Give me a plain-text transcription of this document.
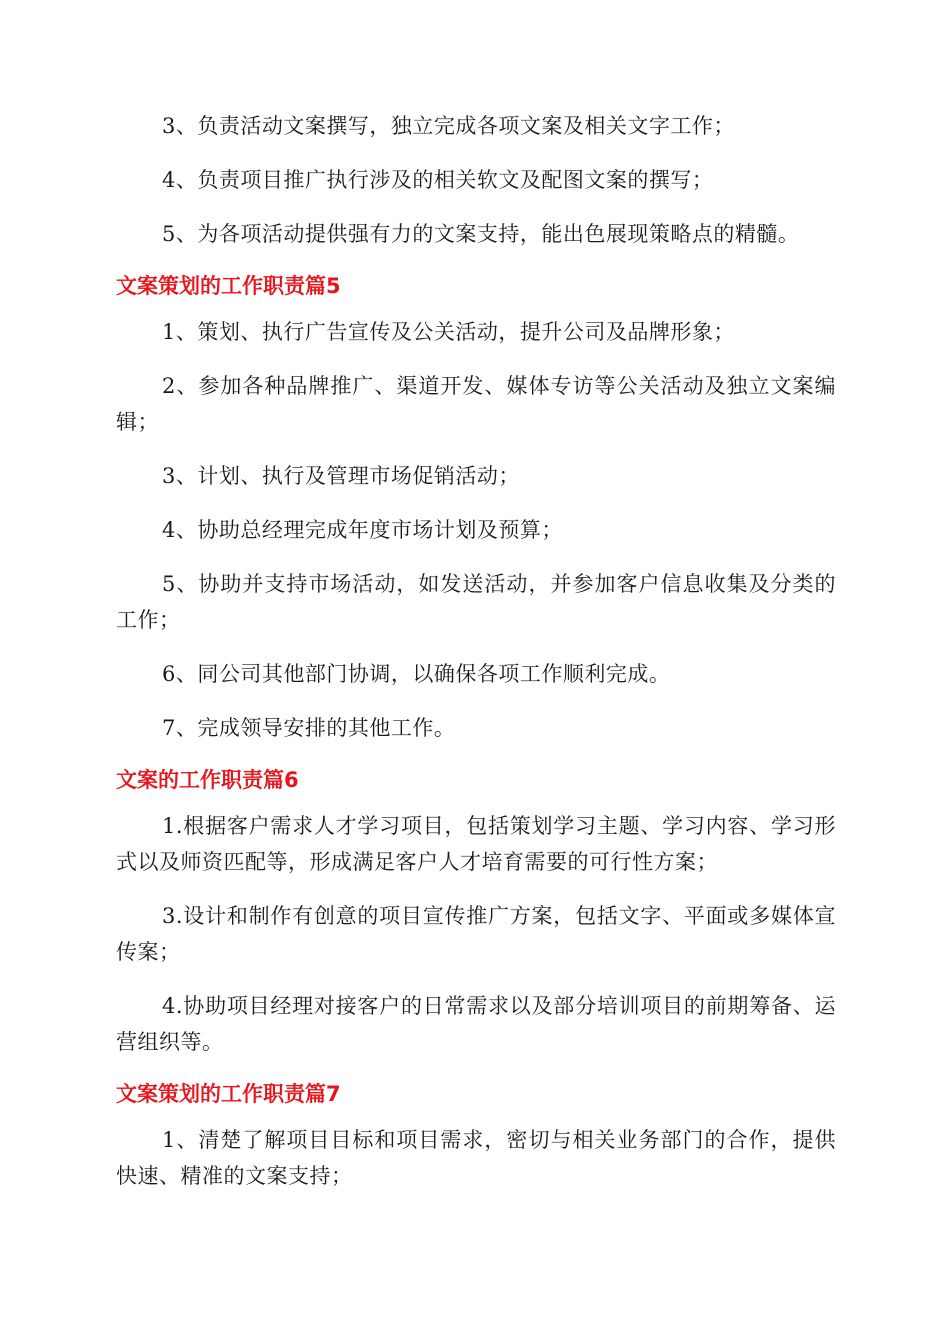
3、负责活动文案撰写，独立完成各项文案及相关文字工作；

4、负责项目推广执行涉及的相关软文及配图文案的撰写；

5、为各项活动提供强有力的文案支持，能出色展现策略点的精髓。

文案策划的工作职责篇5

1、策划、执行广告宣传及公关活动，提升公司及品牌形象；

2、参加各种品牌推广、渠道开发、媒体专访等公关活动及独立文案编辑；

3、计划、执行及管理市场促销活动；

4、协助总经理完成年度市场计划及预算；

5、协助并支持市场活动，如发送活动，并参加客户信息收集及分类的工作；

6、同公司其他部门协调，以确保各项工作顺利完成。

7、完成领导安排的其他工作。

文案的工作职责篇6

1.根据客户需求人才学习项目，包括策划学习主题、学习内容、学习形式以及师资匹配等，形成满足客户人才培育需要的可行性方案；

3.设计和制作有创意的项目宣传推广方案，包括文字、平面或多媒体宣传案；

4.协助项目经理对接客户的日常需求以及部分培训项目的前期筹备、运营组织等。

文案策划的工作职责篇7

1、清楚了解项目目标和项目需求，密切与相关业务部门的合作，提供快速、精准的文案支持；
